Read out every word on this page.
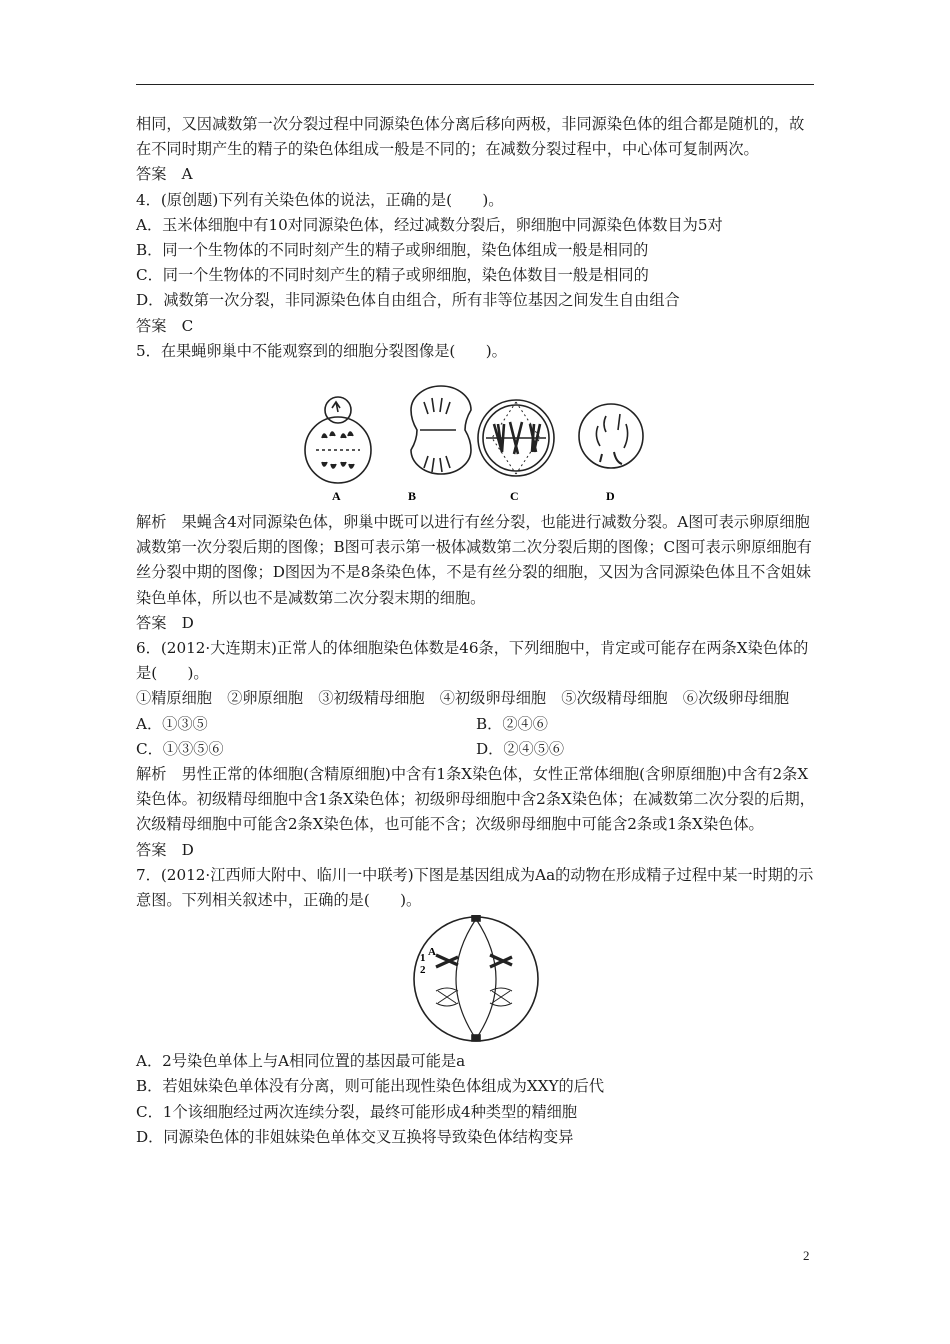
相同，又因减数第一次分裂过程中同源染色体分离后移向两极，非同源染色体的组合都是随机的，故在不同时期产生的精子的染色体组成一般是不同的；在减数分裂过程中，中心体可复制两次。

答案　A

4．(原创题)下列有关染色体的说法，正确的是(　　)。

A．玉米体细胞中有10对同源染色体，经过减数分裂后，卵细胞中同源染色体数目为5对

B．同一个生物体的不同时刻产生的精子或卵细胞，染色体组成一般是相同的

C．同一个生物体的不同时刻产生的精子或卵细胞，染色体数目一般是相同的

D．减数第一次分裂，非同源染色体自由组合，所有非等位基因之间发生自由组合

答案　C

5．在果蝇卵巢中不能观察到的细胞分裂图像是(　　)。

A	B	C	D

解析　果蝇含4对同源染色体，卵巢中既可以进行有丝分裂，也能进行减数分裂。A图可表示卵原细胞减数第一次分裂后期的图像；B图可表示第一极体减数第二次分裂后期的图像；C图可表示卵原细胞有丝分裂中期的图像；D图因为不是8条染色体，不是有丝分裂的细胞，又因为含同源染色体且不含姐妹染色单体，所以也不是减数第二次分裂末期的细胞。

答案　D

6．(2012·大连期末)正常人的体细胞染色体数是46条，下列细胞中，肯定或可能存在两条X染色体的是(　　)。

①精原细胞　②卵原细胞　③初级精母细胞　④初级卵母细胞　⑤次级精母细胞　⑥次级卵母细胞

A．①③⑤	B．②④⑥
C．①③⑤⑥	D．②④⑤⑥

解析　男性正常的体细胞(含精原细胞)中含有1条X染色体，女性正常体细胞(含卵原细胞)中含有2条X染色体。初级精母细胞中含1条X染色体；初级卵母细胞中含2条X染色体；在减数第二次分裂的后期，次级精母细胞中可能含2条X染色体，也可能不含；次级卵母细胞中可能含2条或1条X染色体。

答案　D

7．(2012·江西师大附中、临川一中联考)下图是基因组成为Aa的动物在形成精子过程中某一时期的示意图。下列相关叙述中，正确的是(　　)。

A
1
2

A．2号染色单体上与A相同位置的基因最可能是a

B．若姐妹染色单体没有分离，则可能出现性染色体组成为XXY的后代

C．1个该细胞经过两次连续分裂，最终可能形成4种类型的精细胞

D．同源染色体的非姐妹染色单体交叉互换将导致染色体结构变异

2
